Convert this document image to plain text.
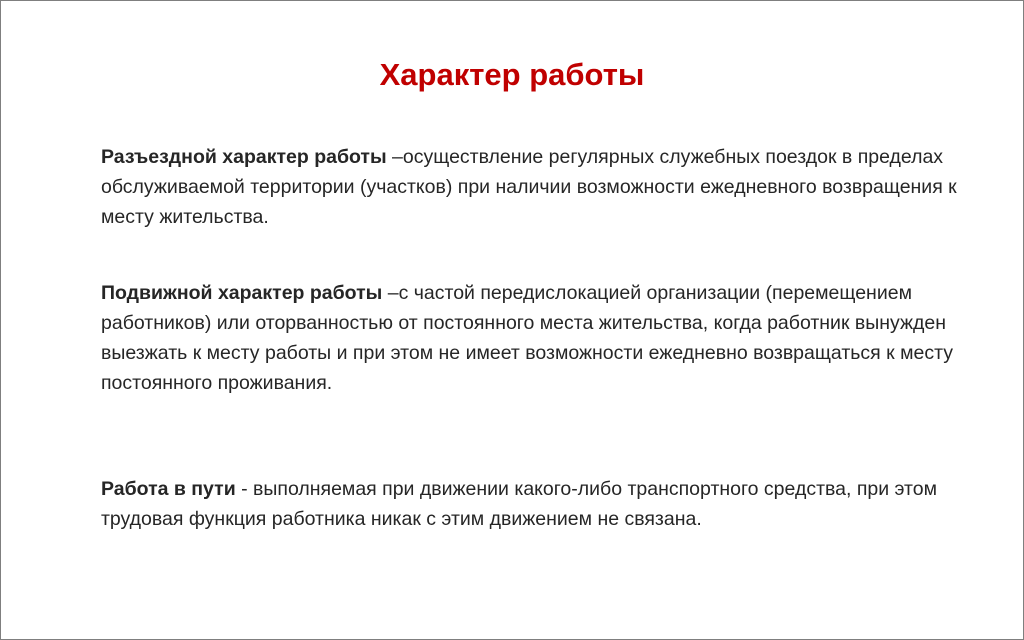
Характер работы
Разъездной характер работы –осуществление регулярных служебных поездок в пределах обслуживаемой территории (участков) при наличии возможности ежедневного возвращения к месту жительства.
Подвижной характер работы –с частой передислокацией организации (перемещением работников) или оторванностью от постоянного места жительства, когда работник вынужден выезжать к месту работы и при этом не имеет возможности ежедневно возвращаться к месту постоянного проживания.
Работа в пути - выполняемая при движении какого-либо транспортного средства, при этом трудовая функция работника никак с этим движением не связана.
